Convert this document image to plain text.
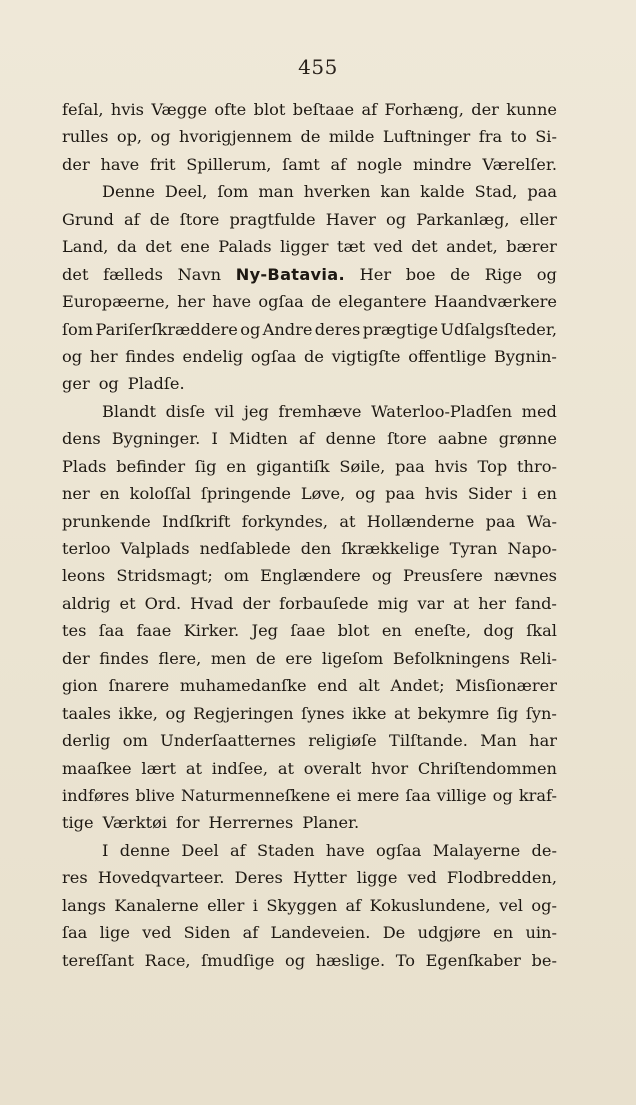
455
feſal, hvis Vægge ofte blot beſtaae af Forhæng, der kunne
rulles op, og hvorigjennem de milde Luftninger fra to Si-
der have frit Spillerum, ſamt af nogle mindre Værelſer.
Denne Deel, ſom man hverken kan kalde Stad, paa
Grund af de ſtore pragtfulde Haver og Parkanlæg, eller
Land, da det ene Palads ligger tæt ved det andet, bærer
det fælleds Navn Ny-Batavia. Her boe de Rige og
Europæerne, her have ogſaa de elegantere Haandværkere
ſom Pariſerſkræddere og Andre deres prægtige Udſalgsſteder,
og her findes endelig ogſaa de vigtigſte offentlige Bygnin-
ger og Pladſe.
Blandt disſe vil jeg fremhæve Waterloo-Pladſen med
dens Bygninger. I Midten af denne ſtore aabne grønne
Plads befinder ſig en gigantiſk Søile, paa hvis Top thro-
ner en koloſſal ſpringende Løve, og paa hvis Sider i en
prunkende Indſkrift forkyndes, at Hollænderne paa Wa-
terloo Valplads nedſablede den ſkrækkelige Tyran Napo-
leons Stridsmagt; om Englændere og Preusſere nævnes
aldrig et Ord. Hvad der forbauſede mig var at her fand-
tes ſaa faae Kirker. Jeg ſaae blot en eneſte, dog ſkal
der findes flere, men de ere ligeſom Befolkningens Reli-
gion ſnarere muhamedanſke end alt Andet; Misſionærer
taales ikke, og Regjeringen ſynes ikke at bekymre ſig ſyn-
derlig om Underſaatternes religiøſe Tilſtande. Man har
maaſkee lært at indſee, at overalt hvor Chriſtendommen
indføres blive Naturmenneſkene ei mere ſaa villige og kraf-
tige Værktøi for Herrernes Planer.
I denne Deel af Staden have ogſaa Malayerne de-
res Hovedqvarteer. Deres Hytter ligge ved Flodbredden,
langs Kanalerne eller i Skyggen af Kokuslundene, vel og-
ſaa lige ved Siden af Landeveien. De udgjøre en uin-
tereſſant Race, ſmudſige og hæslige. To Egenſkaber be-
